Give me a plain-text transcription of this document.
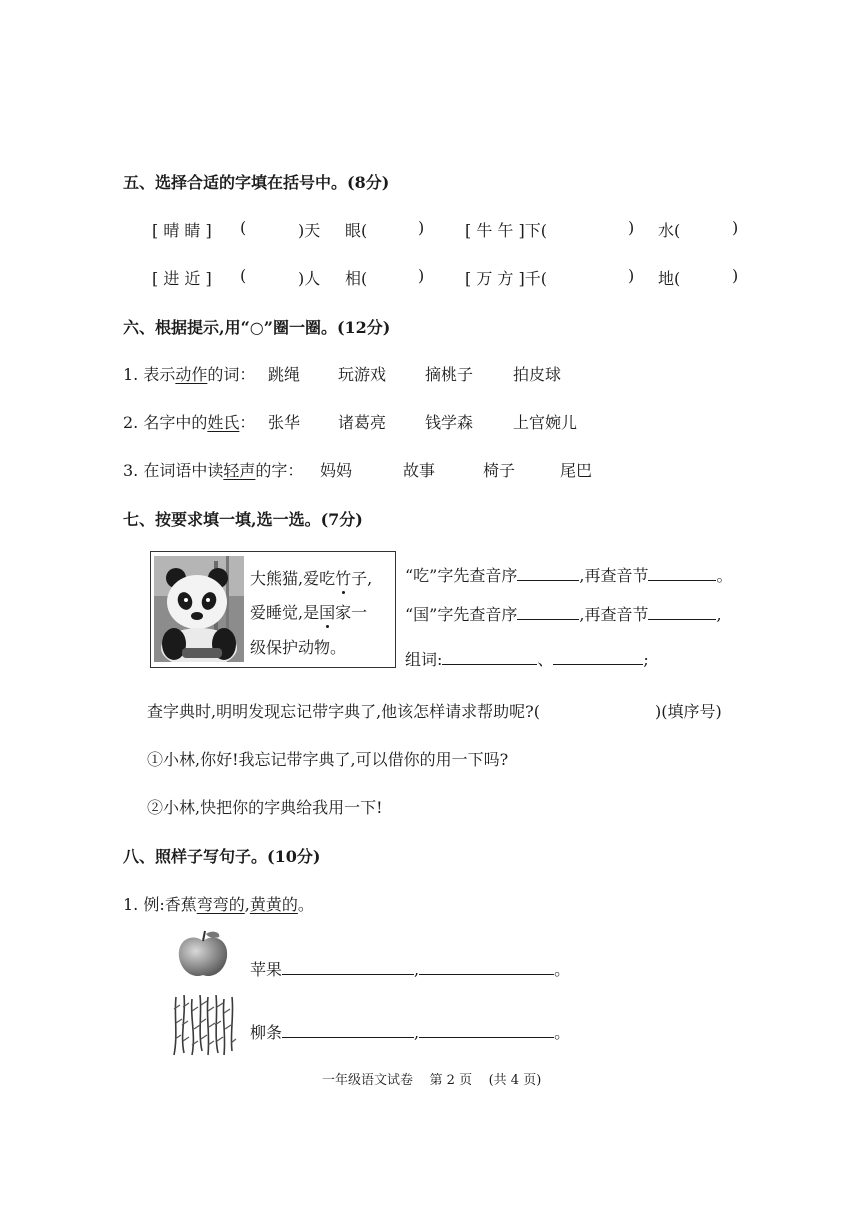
五、选择合适的字填在括号中。(8分)
[ 晴 睛 ] (	)天 眼(	)	[ 牛 午 ]下(	) 水(	)
[ 进 近 ] (	)人 相(	)	[ 万 方 ]千(	) 地(	)
六、根据提示,用“○”圈一圈。(12分)
1. 表示动作的词： 跳绳 玩游戏 摘桃子 拍皮球
2. 名字中的姓氏： 张华 诸葛亮 钱学森 上官婉儿
3. 在词语中读轻声的字： 妈妈	故事	椅子	尾巴
七、按要求填一填,选一选。(7分)
大熊猫,爱吃竹子,
爱睡觉,是国家一
级保护动物。
“吃”字先查音序	,再查音节	。
“国”字先查音序	,再查音节	,
组词:	、	;
查字典时,明明发现忘记带字典了,他该怎样请求帮助呢?(	)(填序号)
①小林,你好!我忘记带字典了,可以借你的用一下吗?
②小林,快把你的字典给我用一下!
八、照样子写句子。(10分)
1. 例:香蕉弯弯的,黄黄的。
苹果	,	。
柳条	,	。
一年级语文试卷    第 2 页    (共 4 页)
